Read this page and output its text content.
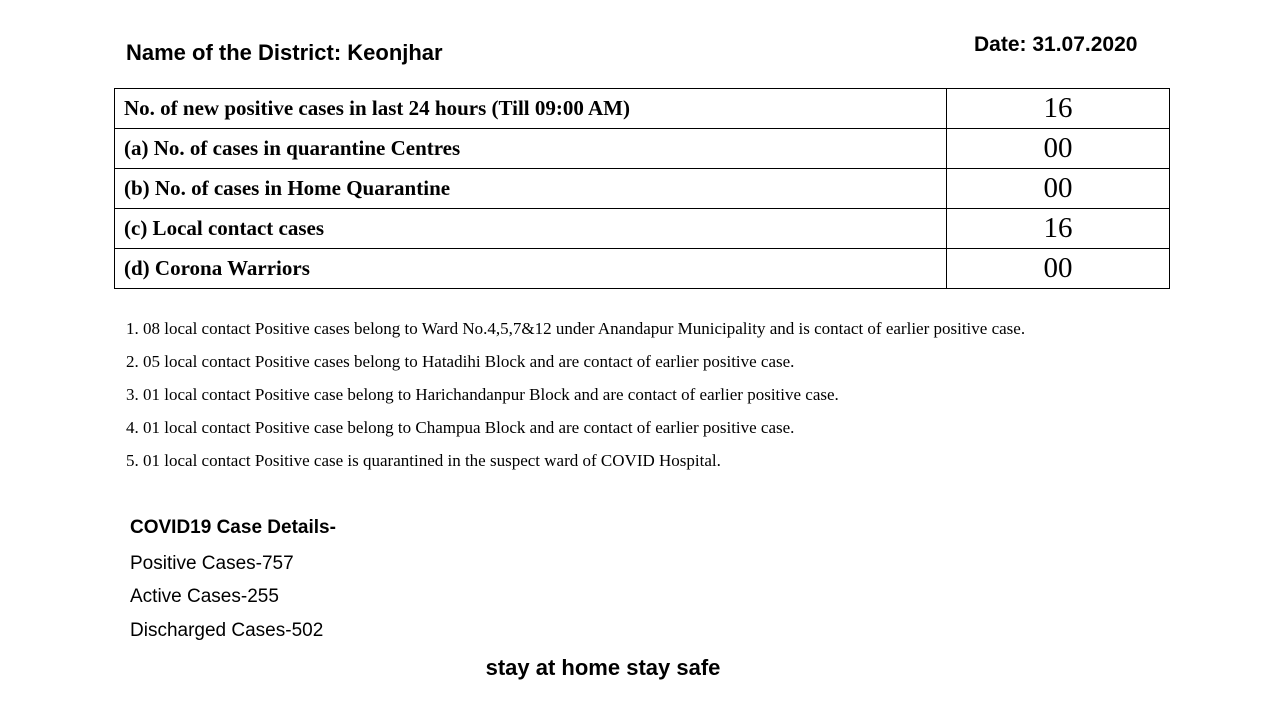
Name of the District: Keonjhar	Date: 31.07.2020
No. of new positive cases in last 24 hours (Till 09:00 AM)	16
(a) No. of cases in quarantine Centres	00
(b) No. of cases in Home Quarantine	00
(c) Local contact cases	16
(d) Corona Warriors	00
1. 08 local contact Positive cases belong to Ward No.4,5,7&12 under Anandapur Municipality and is contact of earlier positive case.
2. 05 local contact Positive cases belong to Hatadihi Block and are contact of earlier positive case.
3. 01 local contact Positive case belong to Harichandanpur Block and are contact of earlier positive case.
4. 01 local contact Positive case belong to Champua Block and are contact of earlier positive case.
5. 01 local contact Positive case is quarantined in the suspect ward of COVID Hospital.
COVID19 Case Details-
Positive Cases-757
Active Cases-255
Discharged Cases-502
stay at home stay safe
